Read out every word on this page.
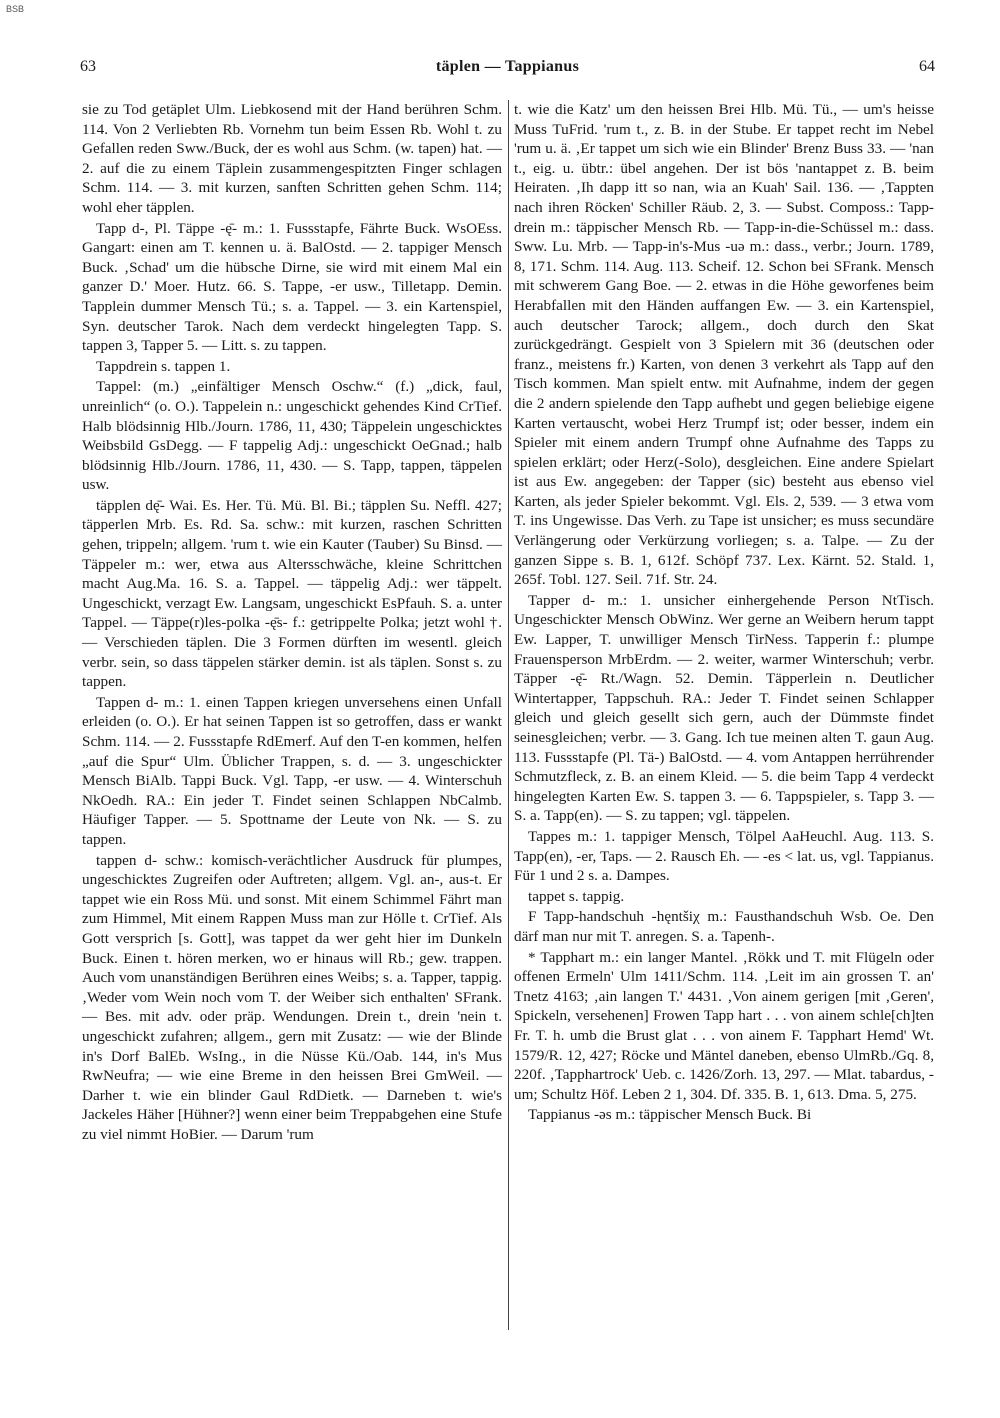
BSB
63	täplen — Tappianus	64

sie zu Tod getäplet Ulm. Liebkosend mit der Hand berühren Schm. 114. Von 2 Verliebten Rb. Vornehm tun beim Essen Rb. Wohl t. zu Gefallen reden Sww./Buck, der es wohl aus Schm. (w. tapen) hat. — 2. auf die zu einem Täplein zusammengespitzten Finger schlagen Schm. 114. — 3. mit kurzen, sanften Schritten gehen Schm. 114; wohl eher täpplen.

Tapp d-, Pl. Täppe -ę̄- m.: 1. Fussstapfe, Fährte Buck. WsOEss. Gangart: einen am T. kennen u. ä. BalOstd. — 2. tappiger Mensch Buck. ‚Schad' um die hübsche Dirne, sie wird mit einem Mal ein ganzer D.' Moer. Hutz. 66. S. Tappe, -er usw., Tilletapp. Demin. Tapplein dummer Mensch Tü.; s. a. Tappel. — 3. ein Kartenspiel, Syn. deutscher Tarok. Nach dem verdeckt hingelegten Tapp. S. tappen 3, Tapper 5. — Litt. s. zu tappen.

Tappdrein s. tappen 1.

Tappel: (m.) „einfältiger Mensch Oschw.“ (f.) „dick, faul, unreinlich“ (o. O.). Tappelein n.: ungeschickt gehendes Kind CrTief. Halb blödsinnig Hlb./Journ. 1786, 11, 430; Täppelein ungeschicktes Weibsbild GsDegg. — F tappelig Adj.: ungeschickt OeGnad.; halb blödsinnig Hlb./Journ. 1786, 11, 430. — S. Tapp, tappen, täppelen usw.

täpplen dę̄- Wai. Es. Her. Tü. Mü. Bl. Bi.; täpplen Su. Neffl. 427; täpperlen Mrb. Es. Rd. Sa. schw.: mit kurzen, raschen Schritten gehen, trippeln; allgem. 'rum t. wie ein Kauter (Tauber) Su Binsd. — Täppeler m.: wer, etwa aus Altersschwäche, kleine Schrittchen macht Aug.Ma. 16. S. a. Tappel. — täppelig Adj.: wer täppelt. Ungeschickt, verzagt Ew. Langsam, ungeschickt EsPfauh. S. a. unter Tappel. — Täppe(r)les-polka -ę̄s- f.: getrippelte Polka; jetzt wohl †. — Verschieden täplen. Die 3 Formen dürften im wesentl. gleich verbr. sein, so dass täppelen stärker demin. ist als täplen. Sonst s. zu tappen.

Tappen d- m.: 1. einen Tappen kriegen unversehens einen Unfall erleiden (o. O.). Er hat seinen Tappen ist so getroffen, dass er wankt Schm. 114. — 2. Fussstapfe RdEmerf. Auf den T-en kommen, helfen „auf die Spur“ Ulm. Üblicher Trappen, s. d. — 3. ungeschickter Mensch BiAlb. Tappi Buck. Vgl. Tapp, -er usw. — 4. Winterschuh NkOedh. RA.: Ein jeder T. Findet seinen Schlappen NbCalmb. Häufiger Tapper. — 5. Spottname der Leute von Nk. — S. zu tappen.

tappen d- schw.: komisch-verächtlicher Ausdruck für plumpes, ungeschicktes Zugreifen oder Auftreten; allgem. Vgl. an-, aus-t. Er tappet wie ein Ross Mü. und sonst. Mit einem Schimmel Fährt man zum Himmel, Mit einem Rappen Muss man zur Hölle t. CrTief. Als Gott versprich [s. Gott], was tappet da wer geht hier im Dunkeln Buck. Einen t. hören merken, wo er hinaus will Rb.; gew. trappen. Auch vom unanständigen Berühren eines Weibs; s. a. Tapper, tappig. ‚Weder vom Wein noch vom T. der Weiber sich enthalten' SFrank. — Bes. mit adv. oder präp. Wendungen. Drein t., drein 'nein t. ungeschickt zufahren; allgem., gern mit Zusatz: — wie der Blinde in's Dorf BalEb. WsIng., in die Nüsse Kü./Oab. 144, in's Mus RwNeufra; — wie eine Breme in den heissen Brei GmWeil. — Darher t. wie ein blinder Gaul RdDietk. — Darneben t. wie's Jackeles Häher [Hühner?] wenn einer beim Treppabgehen eine Stufe zu viel nimmt HoBier. — Darum 'rum

t. wie die Katz' um den heissen Brei Hlb. Mü. Tü., — um's heisse Muss TuFrid. 'rum t., z. B. in der Stube. Er tappet recht im Nebel 'rum u. ä. ‚Er tappet um sich wie ein Blinder' Brenz Buss 33. — 'nan t., eig. u. übtr.: übel angehen. Der ist bös 'nantappet z. B. beim Heiraten. ‚Ih dapp itt so nan, wia an Kuah' Sail. 136. — ‚Tappten nach ihren Röcken' Schiller Räub. 2, 3. — Subst. Composs.: Tapp-drein m.: täppischer Mensch Rb. — Tapp-in-die-Schüssel m.: dass. Sww. Lu. Mrb. — Tapp-in's-Mus -uə m.: dass., verbr.; Journ. 1789, 8, 171. Schm. 114. Aug. 113. Scheif. 12. Schon bei SFrank. Mensch mit schwerem Gang Boe. — 2. etwas in die Höhe geworfenes beim Herabfallen mit den Händen auffangen Ew. — 3. ein Kartenspiel, auch deutscher Tarock; allgem., doch durch den Skat zurückgedrängt. Gespielt von 3 Spielern mit 36 (deutschen oder franz., meistens fr.) Karten, von denen 3 verkehrt als Tapp auf den Tisch kommen. Man spielt entw. mit Aufnahme, indem der gegen die 2 andern spielende den Tapp aufhebt und gegen beliebige eigene Karten vertauscht, wobei Herz Trumpf ist; oder besser, indem ein Spieler mit einem andern Trumpf ohne Aufnahme des Tapps zu spielen erklärt; oder Herz(-Solo), desgleichen. Eine andere Spielart ist aus Ew. angegeben: der Tapper (sic) besteht aus ebenso viel Karten, als jeder Spieler bekommt. Vgl. Els. 2, 539. — 3 etwa vom T. ins Ungewisse. Das Verh. zu Tape ist unsicher; es muss secundäre Verlängerung oder Verkürzung vorliegen; s. a. Talpe. — Zu der ganzen Sippe s. B. 1, 612f. Schöpf 737. Lex. Kärnt. 52. Stald. 1, 265f. Tobl. 127. Seil. 71f. Str. 24.

Tapper d- m.: 1. unsicher einhergehende Person NtTisch. Ungeschickter Mensch ObWinz. Wer gerne an Weibern herum tappt Ew. Lapper, T. unwilliger Mensch TirNess. Tapperin f.: plumpe Frauensperson MrbErdm. — 2. weiter, warmer Winterschuh; verbr. Täpper -ę̄- Rt./Wagn. 52. Demin. Täpperlein n. Deutlicher Wintertapper, Tappschuh. RA.: Jeder T. Findet seinen Schlapper gleich und gleich gesellt sich gern, auch der Dümmste findet seinesgleichen; verbr. — 3. Gang. Ich tue meinen alten T. gaun Aug. 113. Fussstapfe (Pl. Tä-) BalOstd. — 4. vom Antappen herrührender Schmutzfleck, z. B. an einem Kleid. — 5. die beim Tapp 4 verdeckt hingelegten Karten Ew. S. tappen 3. — 6. Tappspieler, s. Tapp 3. — S. a. Tapp(en). — S. zu tappen; vgl. täppelen.

Tappes m.: 1. tappiger Mensch, Tölpel AaHeuchl. Aug. 113. S. Tapp(en), -er, Taps. — 2. Rausch Eh. — -es < lat. us, vgl. Tappianus. Für 1 und 2 s. a. Dampes.

tappet s. tappig.

F Tapp-handschuh -hęntšiχ m.: Fausthandschuh Wsb. Oe. Den därf man nur mit T. anregen. S. a. Tapenh-.

* Tapphart m.: ein langer Mantel. ‚Rökk und T. mit Flügeln oder offenen Ermeln' Ulm 1411/Schm. 114. ‚Leit im ain grossen T. an' Tnetz 4163; ‚ain langen T.' 4431. ‚Von ainem gerigen [mit ‚Geren', Spickeln, versehenen] Frowen Tapp hart . . . von ainem schle[ch]ten Fr. T. h. umb die Brust glat . . . von ainem F. Tapphart Hemd' Wt. 1579/R. 12, 427; Röcke und Mäntel daneben, ebenso UlmRb./Gq. 8, 220f. ‚Tapphartrock' Ueb. c. 1426/Zorh. 13, 297. — Mlat. tabardus, -um; Schultz Höf. Leben 2 1, 304. Df. 335. B. 1, 613. Dma. 5, 275.

Tappianus -əs m.: täppischer Mensch Buck. Bi
